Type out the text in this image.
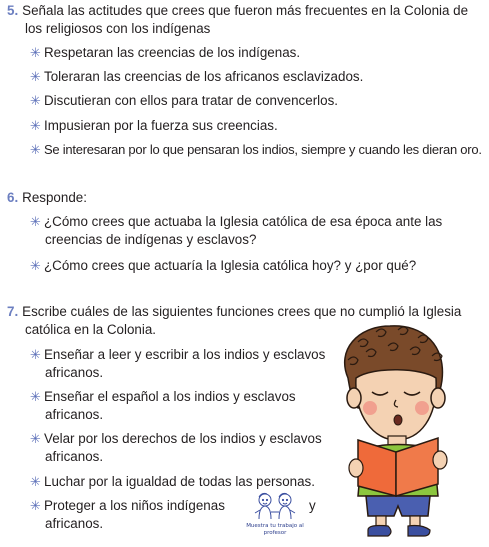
5. Señala las actitudes que crees que fueron más frecuentes en la Colonia de
los religiosos con los indígenas
✳ Respetaran las creencias de los indígenas.
✳ Toleraran las creencias de los africanos esclavizados.
✳ Discutieran con ellos para tratar de convencerlos.
✳ Impusieran por la fuerza sus creencias.
✳ Se interesaran por lo que pensaran los indios, siempre y cuando les dieran oro.
6. Responde:
✳ ¿Cómo crees que actuaba la Iglesia católica de esa época ante las
creencias de indígenas y esclavos?
✳ ¿Cómo crees que actuaría la Iglesia católica hoy? y ¿por qué?
7. Escribe cuáles de las siguientes funciones crees que no cumplió la Iglesia
católica en la Colonia.
✳ Enseñar a leer y escribir a los indios y esclavos
africanos.
✳ Enseñar el español a los indios y esclavos
africanos.
✳ Velar por los derechos de los indios y esclavos
africanos.
✳ Luchar por la igualdad de todas las personas.
✳ Proteger a los niños indígenas	y
africanos.	Muestra tu trabajo al
profesor
